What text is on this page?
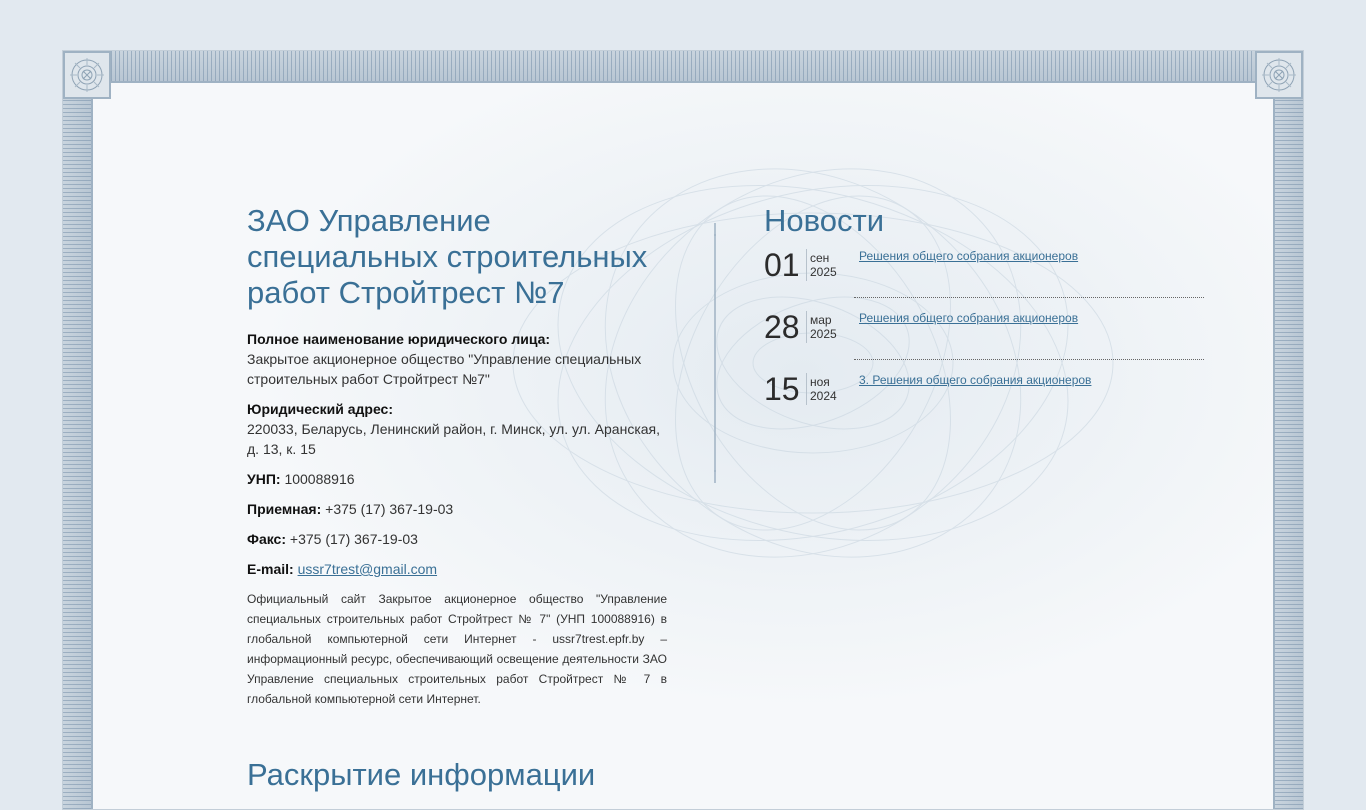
ЗАО Управление специальных строительных работ Стройтрест №7
Полное наименование юридического лица:
Закрытое акционерное общество "Управление специальных строительных работ Стройтрест №7"
Юридический адрес:
220033, Беларусь, Ленинский район, г. Минск, ул. ул. Аранская, д. 13, к. 15
УНП: 100088916
Приемная: +375 (17) 367-19-03
Факс: +375 (17) 367-19-03
E-mail: ussr7trest@gmail.com
Официальный сайт Закрытое акционерное общество "Управление специальных строительных работ Стройтрест № 7" (УНП 100088916) в глобальной компьютерной сети Интернет - ussr7trest.epfr.by – информационный ресурс, обеспечивающий освещение деятельности ЗАО Управление специальных строительных работ Стройтрест № 7 в глобальной компьютерной сети Интернет.
Новости
01 сен
2025
Решения общего собрания акционеров
28 мар
2025
Решения общего собрания акционеров
15 ноя
2024
3. Решения общего собрания акционеров
Раскрытие информации
